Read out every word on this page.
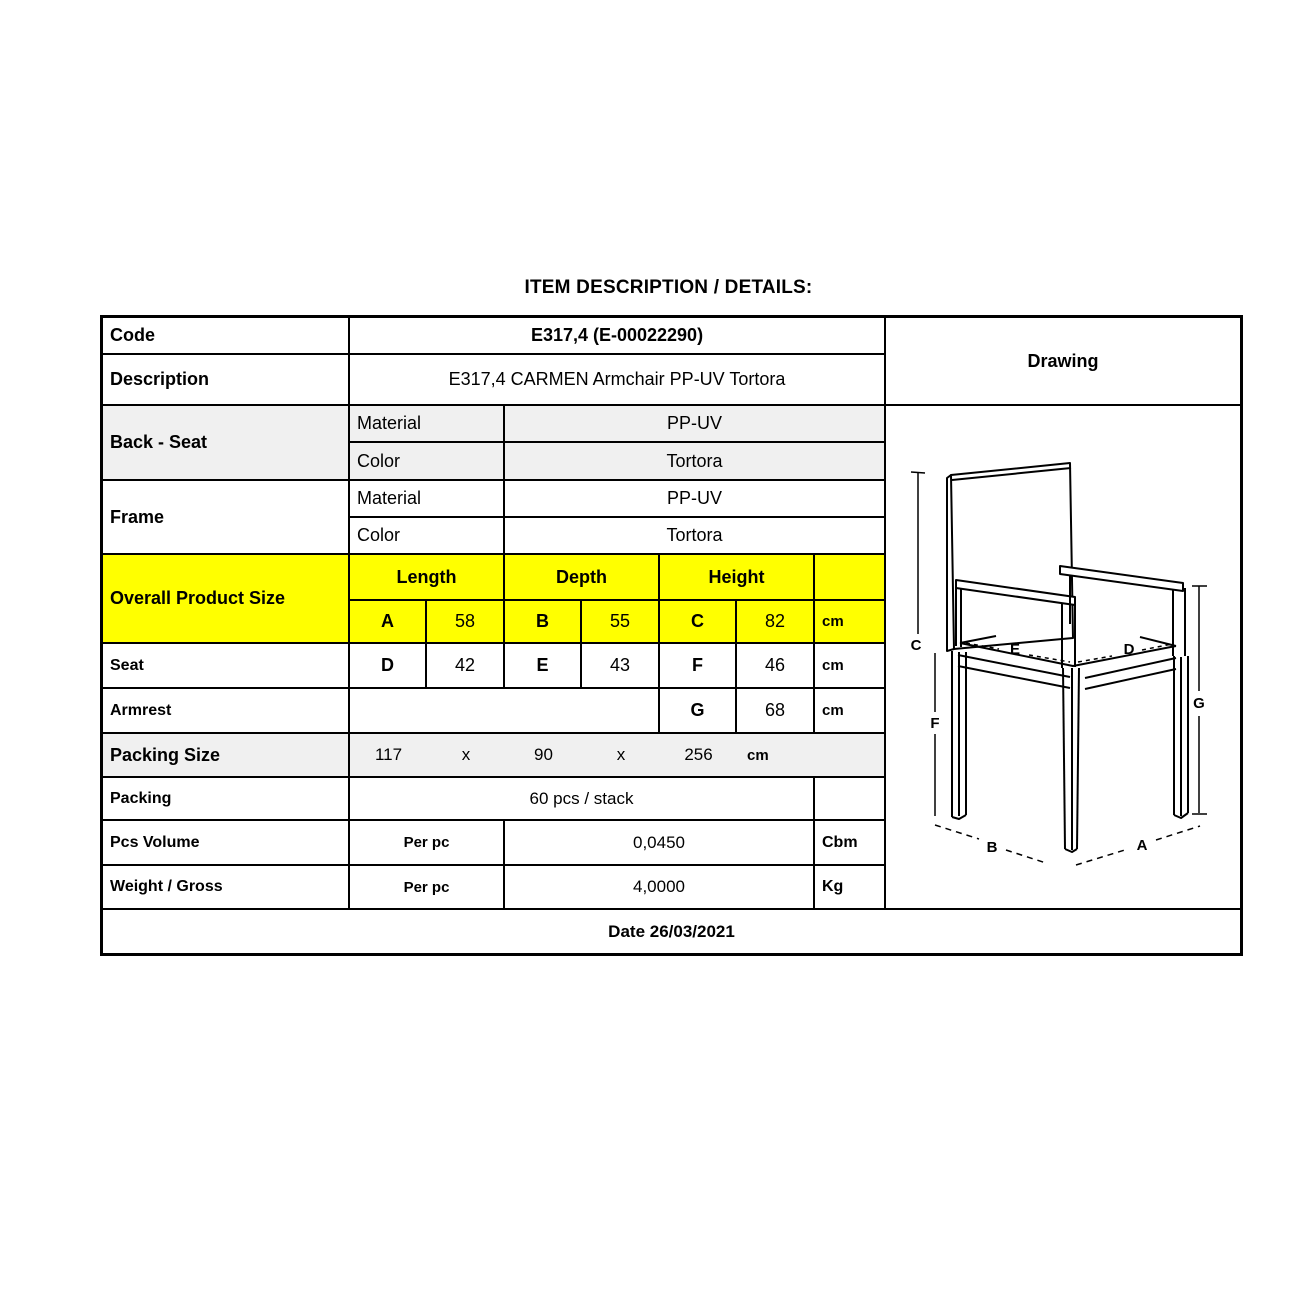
ITEM DESCRIPTION / DETAILS:
Code	E317,4 (E-00022290)
Description	E317,4 CARMEN Armchair PP-UV Tortora
Drawing
Back - Seat
Material	PP-UV
Color	Tortora
Frame
Material	PP-UV
Color	Tortora
Overall Product Size
Length	Depth	Height
A	58	B	55	C	82	cm
Seat	D	42	E	43	F	46	cm
Armrest	G	68	cm
Packing Size	117	x	90	x	256	cm
Packing	60 pcs / stack
Pcs Volume	Per pc	0,0450	Cbm
Weight / Gross	Per pc	4,0000	Kg
C
F
G
B	A
E	D
Date 26/03/2021
